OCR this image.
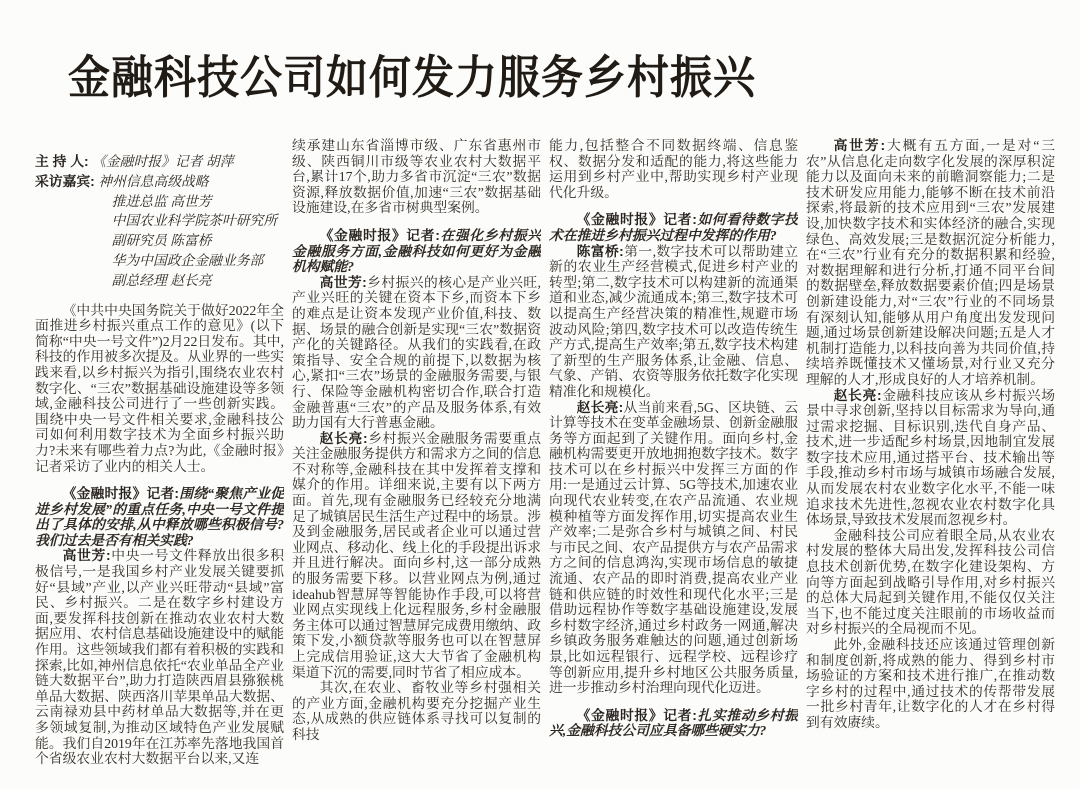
金融科技公司如何发力服务乡村振兴
主 持 人: 《金融时报》记者 胡萍
采访嘉宾: 神州信息高级战略
推进总监 高世芳
中国农业科学院茶叶研究所
副研究员 陈富桥
华为中国政企金融业务部
副总经理 赵长亮

《中共中央国务院关于做好2022年全面推进乡村振兴重点工作的意见》(以下简称“中央一号文件”)2月22日发布。其中,科技的作用被多次提及。从业界的一些实践来看,以乡村振兴为指引,围绕农业农村数字化、“三农”数据基础设施建设等多领域,金融科技公司进行了一些创新实践。围绕中央一号文件相关要求,金融科技公司如何利用数字技术为全面乡村振兴助力?未来有哪些着力点?为此,《金融时报》记者采访了业内的相关人士。

《金融时报》记者:围绕“聚焦产业促进乡村发展”的重点任务,中央一号文件提出了具体的安排,从中释放哪些积极信号?我们过去是否有相关实践?

高世芳:中央一号文件释放出很多积极信号,一是我国乡村产业发展关键要抓好“县域”产业,以产业兴旺带动“县域”富民、乡村振兴。二是在数字乡村建设方面,要发挥科技创新在推动农业农村大数据应用、农村信息基础设施建设中的赋能作用。这些领域我们都有着积极的实践和探索,比如,神州信息依托“农业单品全产业链大数据平台”,助力打造陕西眉县猕猴桃单品大数据、陕西洛川苹果单品大数据、云南禄劝县中药材单品大数据等,并在更多领域复制,为推动区域特色产业发展赋能。我们自2019年在江苏率先落地我国首个省级农业农村大数据平台以来,又连

续承建山东省淄博市级、广东省惠州市级、陕西铜川市级等农业农村大数据平台,累计17个,助力多省市沉淀“三农”数据资源,释放数据价值,加速“三农”数据基础设施建设,在多省市树典型案例。

《金融时报》记者:在强化乡村振兴金融服务方面,金融科技如何更好为金融机构赋能?

高世芳:乡村振兴的核心是产业兴旺,产业兴旺的关键在资本下乡,而资本下乡的难点是让资本发现产业价值,科技、数据、场景的融合创新是实现“三农”数据资产化的关键路径。从我们的实践看,在政策指导、安全合规的前提下,以数据为核心,紧扣“三农”场景的金融服务需要,与银行、保险等金融机构密切合作,联合打造金融普惠“三农”的产品及服务体系,有效助力国有大行普惠金融。

赵长亮:乡村振兴金融服务需要重点关注金融服务提供方和需求方之间的信息不对称等,金融科技在其中发挥着支撑和媒介的作用。详细来说,主要有以下两方面。首先,现有金融服务已经较充分地满足了城镇居民生活生产过程中的场景。涉及到金融服务,居民或者企业可以通过营业网点、移动化、线上化的手段提出诉求并且进行解决。面向乡村,这一部分成熟的服务需要下移。以营业网点为例,通过ideahub智慧屏等智能协作手段,可以将营业网点实现线上化远程服务,乡村金融服务主体可以通过智慧屏完成费用缴纳、政策下发,小额贷款等服务也可以在智慧屏上完成信用验证,这大大节省了金融机构渠道下沉的需要,同时节省了相应成本。

其次,在农业、畜牧业等乡村强相关的产业方面,金融机构要充分挖掘产业生态,从成熟的供应链体系寻找可以复制的科技

能力,包括整合不同数据终端、信息鉴权、数据分发和适配的能力,将这些能力运用到乡村产业中,帮助实现乡村产业现代化升级。

《金融时报》记者:如何看待数字技术在推进乡村振兴过程中发挥的作用?

陈富桥:第一,数字技术可以帮助建立新的农业生产经营模式,促进乡村产业的转型;第二,数字技术可以构建新的流通渠道和业态,减少流通成本;第三,数字技术可以提高生产经营决策的精准性,规避市场波动风险;第四,数字技术可以改造传统生产方式,提高生产效率;第五,数字技术构建了新型的生产服务体系,让金融、信息、气象、产销、农资等服务依托数字化实现精准化和规模化。

赵长亮:从当前来看,5G、区块链、云计算等技术在变革金融场景、创新金融服务等方面起到了关键作用。面向乡村,金融机构需要更开放地拥抱数字技术。数字技术可以在乡村振兴中发挥三方面的作用:一是通过云计算、5G等技术,加速农业向现代农业转变,在农产品流通、农业规模种植等方面发挥作用,切实提高农业生产效率;二是弥合乡村与城镇之间、村民与市民之间、农产品提供方与农产品需求方之间的信息鸿沟,实现市场信息的敏捷流通、农产品的即时消费,提高农业产业链和供应链的时效性和现代化水平;三是借助远程协作等数字基础设施建设,发展乡村数字经济,通过乡村政务一网通,解决乡镇政务服务难触达的问题,通过创新场景,比如远程银行、远程学校、远程诊疗等创新应用,提升乡村地区公共服务质量,进一步推动乡村治理向现代化迈进。

《金融时报》记者:扎实推动乡村振兴,金融科技公司应具备哪些硬实力?

高世芳:大概有五方面,一是对“三农”从信息化走向数字化发展的深厚积淀能力以及面向未来的前瞻洞察能力;二是技术研发应用能力,能够不断在技术前沿探索,将最新的技术应用到“三农”发展建设,加快数字技术和实体经济的融合,实现绿色、高效发展;三是数据沉淀分析能力,在“三农”行业有充分的数据积累和经验,对数据理解和进行分析,打通不同平台间的数据壁垒,释放数据要素价值;四是场景创新建设能力,对“三农”行业的不同场景有深刻认知,能够从用户角度出发发现问题,通过场景创新建设解决问题;五是人才机制打造能力,以科技向善为共同价值,持续培养既懂技术又懂场景,对行业又充分理解的人才,形成良好的人才培养机制。

赵长亮:金融科技应该从乡村振兴场景中寻求创新,坚持以目标需求为导向,通过需求挖掘、目标识别,迭代自身产品、技术,进一步适配乡村场景,因地制宜发展数字技术应用,通过搭平台、技术输出等手段,推动乡村市场与城镇市场融合发展,从而发展农村农业数字化水平,不能一味追求技术先进性,忽视农业农村数字化具体场景,导致技术发展而忽视乡村。

金融科技公司应着眼全局,从农业农村发展的整体大局出发,发挥科技公司信息技术创新优势,在数字化建设架构、方向等方面起到战略引导作用,对乡村振兴的总体大局起到关键作用,不能仅仅关注当下,也不能过度关注眼前的市场收益而对乡村振兴的全局视而不见。

此外,金融科技还应该通过管理创新和制度创新,将成熟的能力、得到乡村市场验证的方案和技术进行推广,在推动数字乡村的过程中,通过技术的传帮带发展一批乡村青年,让数字化的人才在乡村得到有效赓续。
